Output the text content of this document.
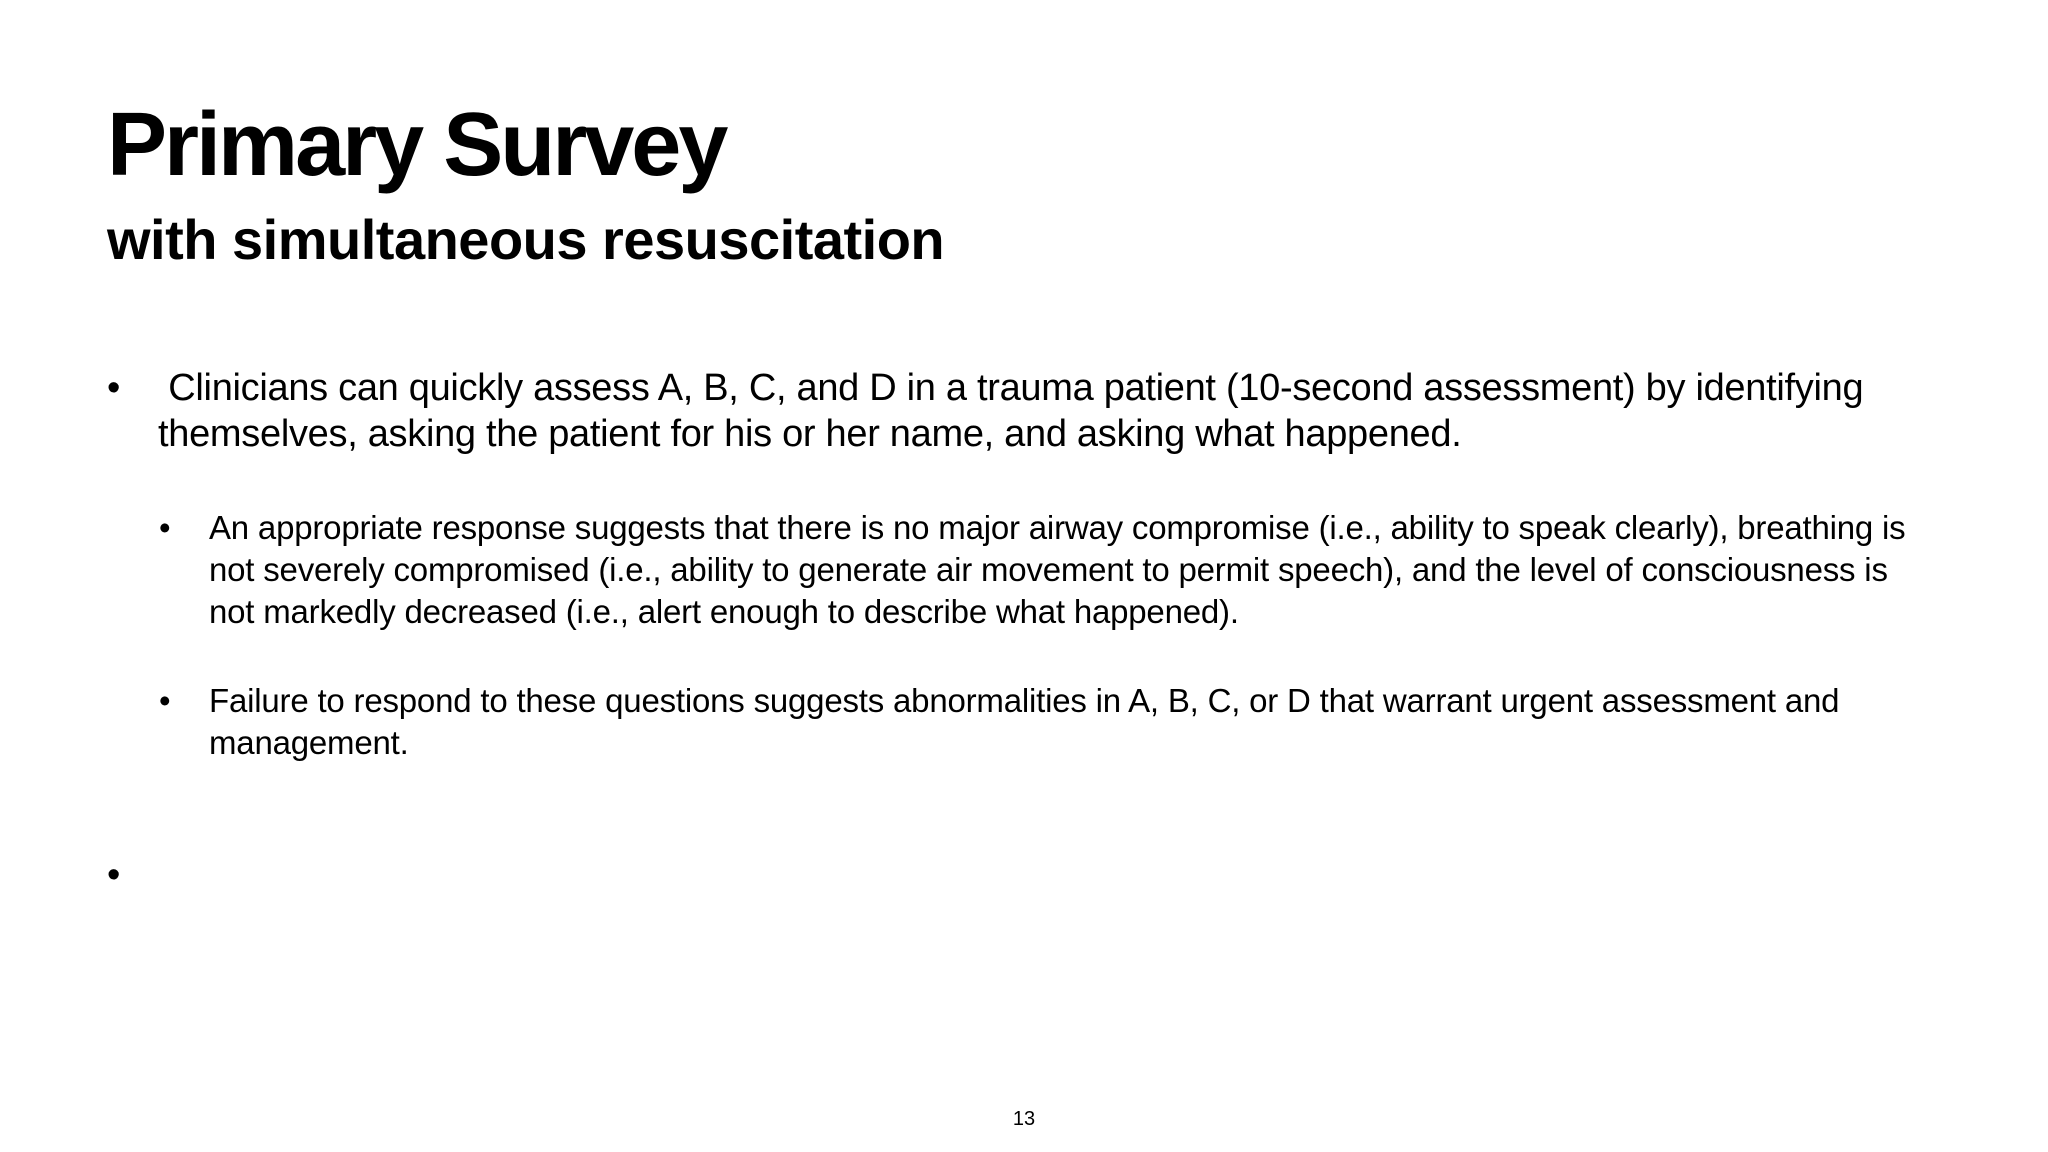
Primary Survey
with simultaneous resuscitation
• Clinicians can quickly assess A, B, C, and D in a trauma patient (10-second assessment) by identifying themselves, asking the patient for his or her name, and asking what happened.
• An appropriate response suggests that there is no major airway compromise (i.e., ability to speak clearly), breathing is not severely compromised (i.e., ability to generate air movement to permit speech), and the level of consciousness is not markedly decreased (i.e., alert enough to describe what happened).
• Failure to respond to these questions suggests abnormalities in A, B, C, or D that warrant urgent assessment and management.
•
13
